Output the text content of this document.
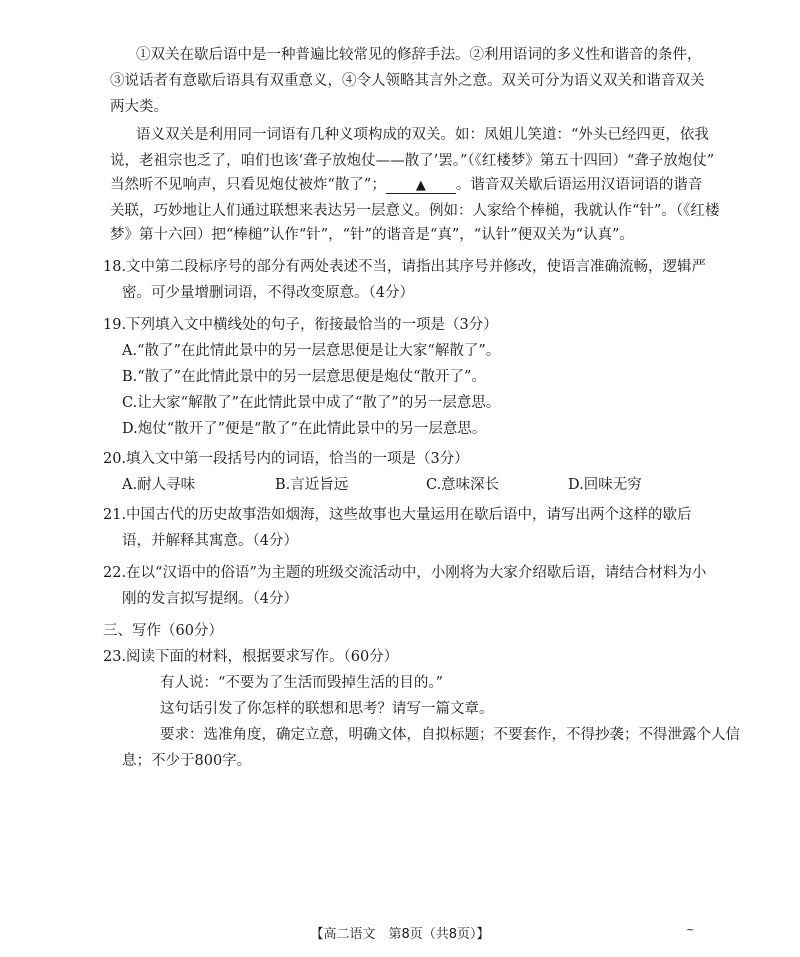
①双关在歇后语中是一种普遍比较常见的修辞手法。②利用语词的多义性和谐音的条件，
③说话者有意歇后语具有双重意义，④令人领略其言外之意。双关可分为语义双关和谐音双关
两大类。
语义双关是利用同一词语有几种义项构成的双关。如：凤姐儿笑道：“外头已经四更，依我
说，老祖宗也乏了，咱们也该‘聋子放炮仗——散了’罢。”（《红楼梦》第五十四回）“聋子放炮仗”
当然听不见响声，只看见炮仗被炸“散了”； ▲ 。谐音双关歇后语运用汉语词语的谐音
关联，巧妙地让人们通过联想来表达另一层意义。例如：人家给个棒槌，我就认作“针”。（《红楼
梦》第十六回）把“棒槌”认作“针”，“针”的谐音是“真”，“认针”便双关为“认真”。
18.文中第二段标序号的部分有两处表述不当，请指出其序号并修改，使语言准确流畅，逻辑严
密。可少量增删词语，不得改变原意。（4分）
19.下列填入文中横线处的句子，衔接最恰当的一项是（3分）
A.“散了”在此情此景中的另一层意思便是让大家“解散了”。
B.“散了”在此情此景中的另一层意思便是炮仗“散开了”。
C.让大家“解散了”在此情此景中成了“散了”的另一层意思。
D.炮仗“散开了”便是“散了”在此情此景中的另一层意思。
20.填入文中第一段括号内的词语，恰当的一项是（3分）
A.耐人寻味	B.言近旨远	C.意味深长	D.回味无穷
21.中国古代的历史故事浩如烟海，这些故事也大量运用在歇后语中，请写出两个这样的歇后
语，并解释其寓意。（4分）
22.在以“汉语中的俗语”为主题的班级交流活动中，小刚将为大家介绍歇后语，请结合材料为小
刚的发言拟写提纲。（4分）
三、写作（60分）
23.阅读下面的材料，根据要求写作。（60分）
有人说：“不要为了生活而毁掉生活的目的。”
这句话引发了你怎样的联想和思考？请写一篇文章。
要求：选准角度，确定立意，明确文体，自拟标题；不要套作，不得抄袭；不得泄露个人信
息；不少于800字。
【高二语文　第8页（共8页）】	~
